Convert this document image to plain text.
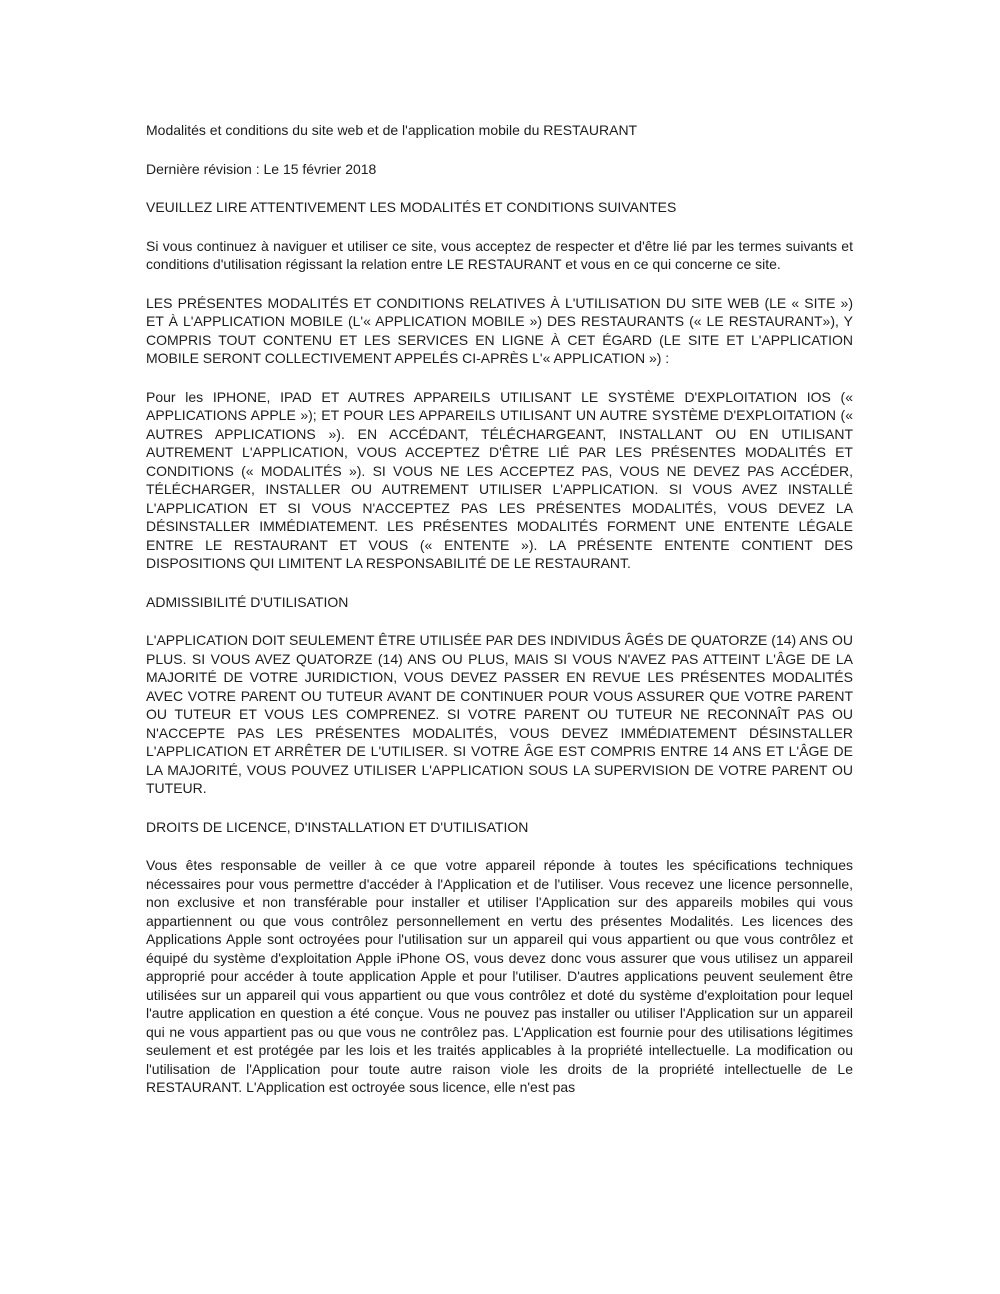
Modalités et conditions du site web et de l'application mobile du RESTAURANT

Dernière révision : Le 15 février 2018

VEUILLEZ LIRE ATTENTIVEMENT LES MODALITÉS ET CONDITIONS SUIVANTES

Si vous continuez à naviguer et utiliser ce site, vous acceptez de respecter et d'être lié par les termes suivants et conditions d'utilisation régissant la relation entre LE RESTAURANT et vous en ce qui concerne ce site.

LES PRÉSENTES MODALITÉS ET CONDITIONS RELATIVES À L'UTILISATION DU SITE WEB (LE « SITE ») ET À L'APPLICATION MOBILE (L'« APPLICATION MOBILE ») DES RESTAURANTS (« LE RESTAURANT»), Y COMPRIS TOUT CONTENU ET LES SERVICES EN LIGNE À CET ÉGARD (LE SITE ET L'APPLICATION MOBILE SERONT COLLECTIVEMENT APPELÉS CI-APRÈS L'« APPLICATION ») :

Pour les IPHONE, IPAD ET AUTRES APPAREILS UTILISANT LE SYSTÈME D'EXPLOITATION IOS (« APPLICATIONS APPLE »); ET POUR LES APPAREILS UTILISANT UN AUTRE SYSTÈME D'EXPLOITATION (« AUTRES APPLICATIONS »). EN ACCÉDANT, TÉLÉCHARGEANT, INSTALLANT OU EN UTILISANT AUTREMENT L'APPLICATION, VOUS ACCEPTEZ D'ÊTRE LIÉ PAR LES PRÉSENTES MODALITÉS ET CONDITIONS (« MODALITÉS »). SI VOUS NE LES ACCEPTEZ PAS, VOUS NE DEVEZ PAS ACCÉDER, TÉLÉCHARGER, INSTALLER OU AUTREMENT UTILISER L'APPLICATION. SI VOUS AVEZ INSTALLÉ L'APPLICATION ET SI VOUS N'ACCEPTEZ PAS LES PRÉSENTES MODALITÉS, VOUS DEVEZ LA DÉSINSTALLER IMMÉDIATEMENT. LES PRÉSENTES MODALITÉS FORMENT UNE ENTENTE LÉGALE ENTRE LE RESTAURANT ET VOUS (« ENTENTE »). LA PRÉSENTE ENTENTE CONTIENT DES DISPOSITIONS QUI LIMITENT LA RESPONSABILITÉ DE LE RESTAURANT.

ADMISSIBILITÉ D'UTILISATION

L'APPLICATION DOIT SEULEMENT ÊTRE UTILISÉE PAR DES INDIVIDUS ÂGÉS DE QUATORZE (14) ANS OU PLUS. SI VOUS AVEZ QUATORZE (14) ANS OU PLUS, MAIS SI VOUS N'AVEZ PAS ATTEINT L'ÂGE DE LA MAJORITÉ DE VOTRE JURIDICTION, VOUS DEVEZ PASSER EN REVUE LES PRÉSENTES MODALITÉS AVEC VOTRE PARENT OU TUTEUR AVANT DE CONTINUER POUR VOUS ASSURER QUE VOTRE PARENT OU TUTEUR ET VOUS LES COMPRENEZ. SI VOTRE PARENT OU TUTEUR NE RECONNAÎT PAS OU N'ACCEPTE PAS LES PRÉSENTES MODALITÉS, VOUS DEVEZ IMMÉDIATEMENT DÉSINSTALLER L'APPLICATION ET ARRÊTER DE L'UTILISER. SI VOTRE ÂGE EST COMPRIS ENTRE 14 ANS ET L'ÂGE DE LA MAJORITÉ, VOUS POUVEZ UTILISER L'APPLICATION SOUS LA SUPERVISION DE VOTRE PARENT OU TUTEUR.

DROITS DE LICENCE, D'INSTALLATION ET D'UTILISATION

Vous êtes responsable de veiller à ce que votre appareil réponde à toutes les spécifications techniques nécessaires pour vous permettre d'accéder à l'Application et de l'utiliser. Vous recevez une licence personnelle, non exclusive et non transférable pour installer et utiliser l'Application sur des appareils mobiles qui vous appartiennent ou que vous contrôlez personnellement en vertu des présentes Modalités. Les licences des Applications Apple sont octroyées pour l'utilisation sur un appareil qui vous appartient ou que vous contrôlez et équipé du système d'exploitation Apple iPhone OS, vous devez donc vous assurer que vous utilisez un appareil approprié pour accéder à toute application Apple et pour l'utiliser. D'autres applications peuvent seulement être utilisées sur un appareil qui vous appartient ou que vous contrôlez et doté du système d'exploitation pour lequel l'autre application en question a été conçue. Vous ne pouvez pas installer ou utiliser l'Application sur un appareil qui ne vous appartient pas ou que vous ne contrôlez pas. L'Application est fournie pour des utilisations légitimes seulement et est protégée par les lois et les traités applicables à la propriété intellectuelle. La modification ou l'utilisation de l'Application pour toute autre raison viole les droits de la propriété intellectuelle de Le RESTAURANT. L'Application est octroyée sous licence, elle n'est pas
